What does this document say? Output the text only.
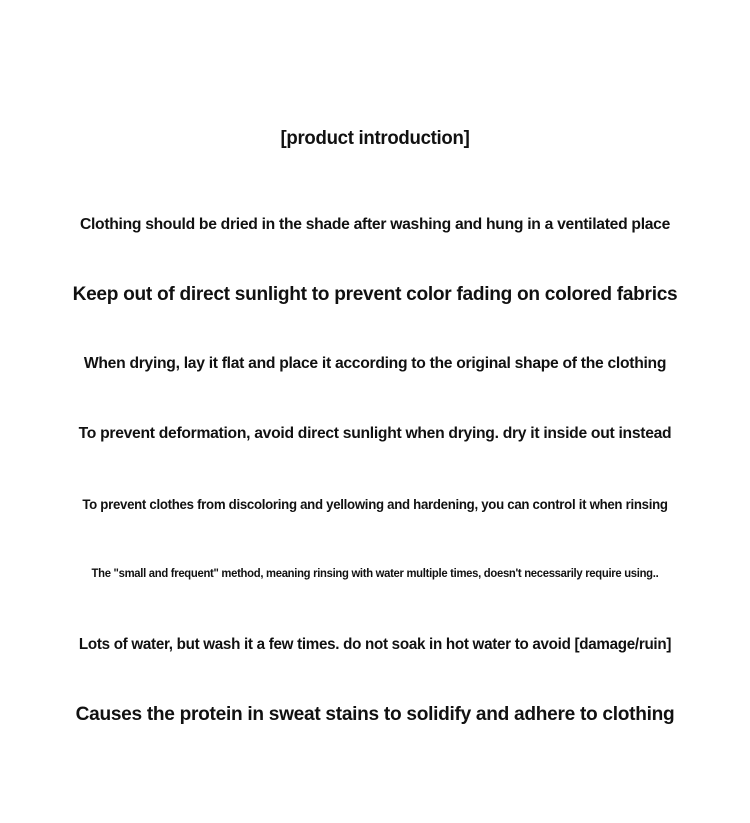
[product introduction]
Clothing should be dried in the shade after washing and hung in a ventilated place
Keep out of direct sunlight to prevent color fading on colored fabrics
When drying, lay it flat and place it according to the original shape of the clothing
To prevent deformation, avoid direct sunlight when drying. dry it inside out instead
To prevent clothes from discoloring and yellowing and hardening, you can control it when rinsing
The "small and frequent" method, meaning rinsing with water multiple times, doesn't necessarily require using..
Lots of water, but wash it a few times. do not soak in hot water to avoid [damage/ruin]
Causes the protein in sweat stains to solidify and adhere to clothing
